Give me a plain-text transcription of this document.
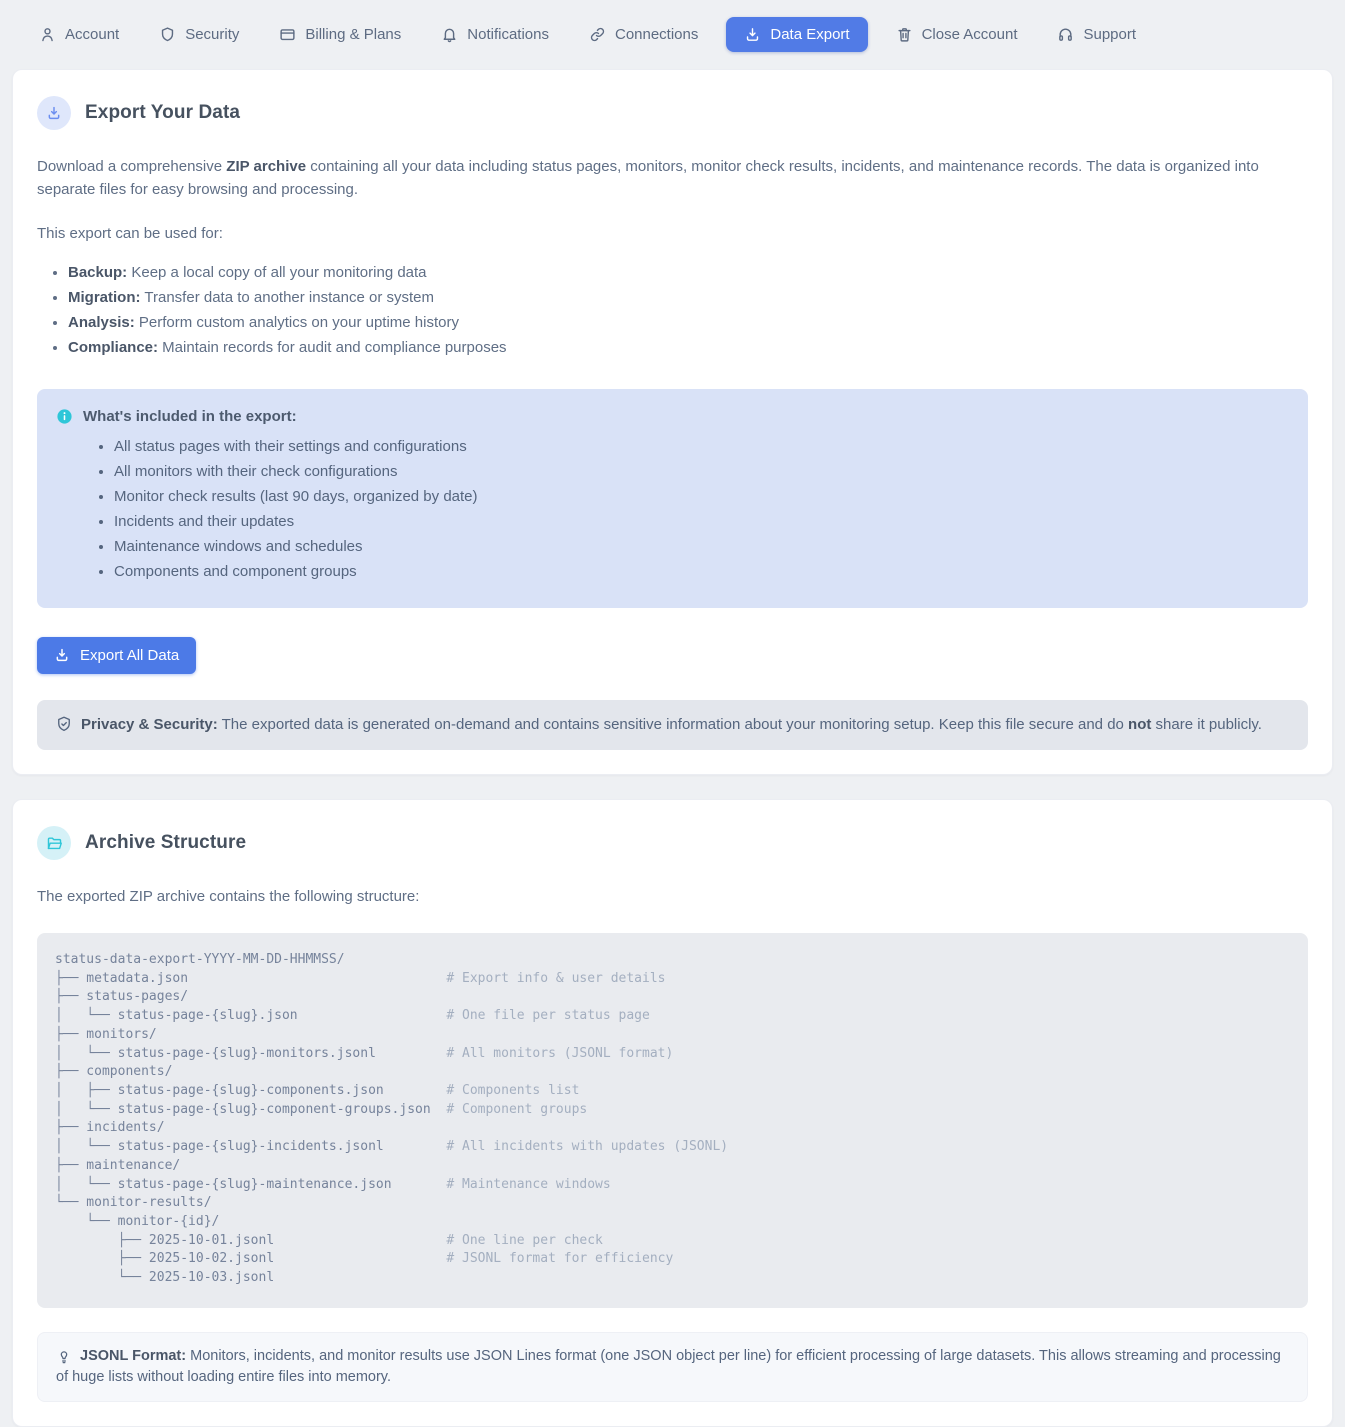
Account	Security	Billing & Plans	Notifications	Connections	Data Export	Close Account	Support
Export Your Data

Download a comprehensive ZIP archive containing all your data including status pages, monitors, monitor check results, incidents, and maintenance records. The data is organized into separate files for easy browsing and processing.

This export can be used for:

• Backup: Keep a local copy of all your monitoring data
• Migration: Transfer data to another instance or system
• Analysis: Perform custom analytics on your uptime history
• Compliance: Maintain records for audit and compliance purposes
What's included in the export:
• All status pages with their settings and configurations
• All monitors with their check configurations
• Monitor check results (last 90 days, organized by date)
• Incidents and their updates
• Maintenance windows and schedules
• Components and component groups
Export All Data
Privacy & Security: The exported data is generated on-demand and contains sensitive information about your monitoring setup. Keep this file secure and do not share it publicly.
Archive Structure

The exported ZIP archive contains the following structure:

status-data-export-YYYY-MM-DD-HHMMSS/
├── metadata.json                                 # Export info & user details
├── status-pages/
│   └── status-page-{slug}.json                   # One file per status page
├── monitors/
│   └── status-page-{slug}-monitors.jsonl         # All monitors (JSONL format)
├── components/
│   ├── status-page-{slug}-components.json        # Components list
│   └── status-page-{slug}-component-groups.json  # Component groups
├── incidents/
│   └── status-page-{slug}-incidents.jsonl        # All incidents with updates (JSONL)
├── maintenance/
│   └── status-page-{slug}-maintenance.json       # Maintenance windows
└── monitor-results/
└── monitor-{id}/
├── 2025-10-01.jsonl                      # One line per check
├── 2025-10-02.jsonl                      # JSONL format for efficiency
└── 2025-10-03.jsonl

JSONL Format: Monitors, incidents, and monitor results use JSON Lines format (one JSON object per line) for efficient processing of large datasets. This allows streaming and processing of huge lists without loading entire files into memory.
